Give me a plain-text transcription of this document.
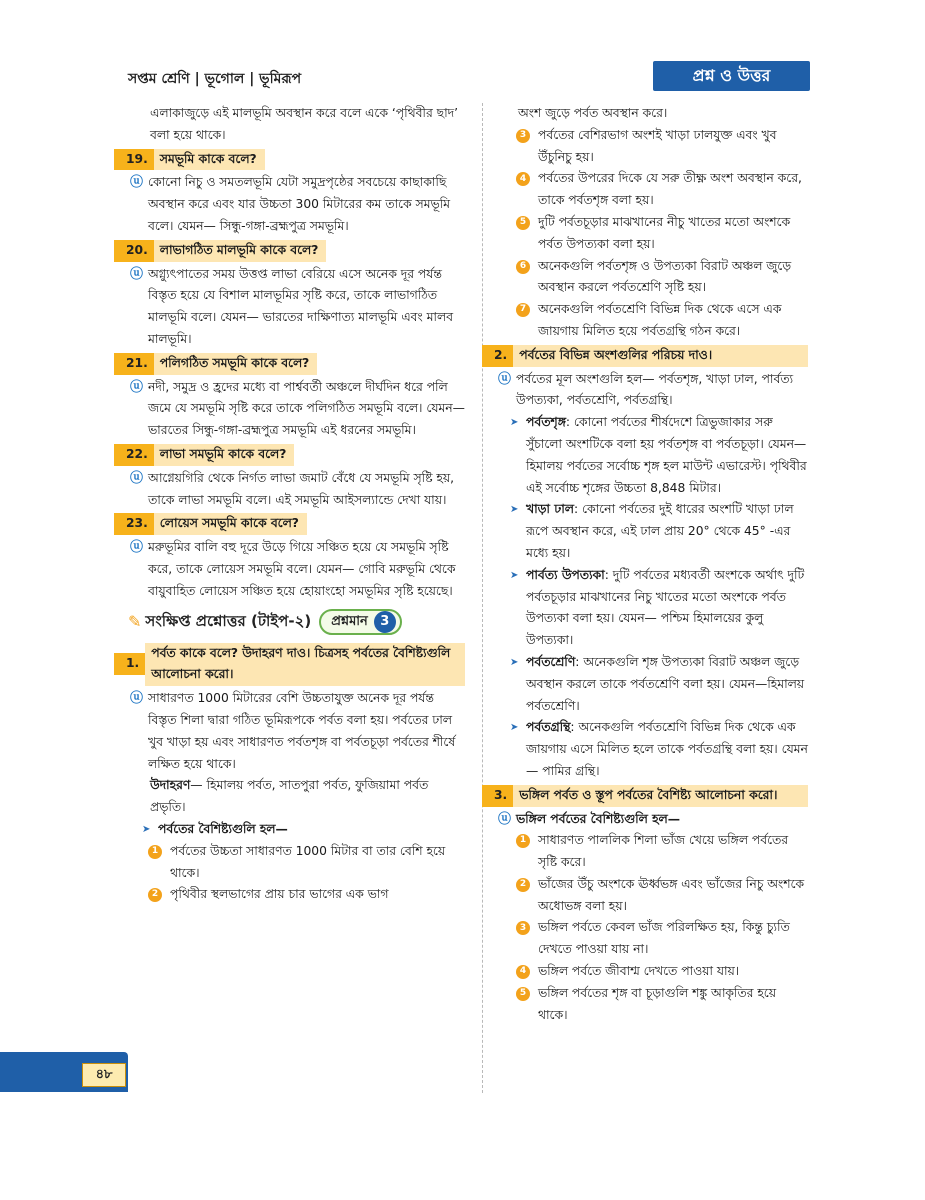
সপ্তম শ্রেণি | ভূগোল | ভূমিরূপ	প্রশ্ন ও উত্তর

এলাকাজুড়ে এই মালভূমি অবস্থান করে বলে একে ‘পৃথিবীর ছাদ’ বলা হয়ে থাকে।

19. সমভূমি কাকে বলে?
ⓤ কোনো নিচু ও সমতলভূমি যেটা সমুদ্রপৃষ্ঠের সবচেয়ে কাছাকাছি অবস্থান করে এবং যার উচ্চতা 300 মিটারের কম তাকে সমভূমি বলে। যেমন— সিন্ধু-গঙ্গা-ব্রহ্মপুত্র সমভূমি।
20. লাভাগঠিত মালভূমি কাকে বলে?
ⓤ অগ্ন্যুৎপাতের সময় উত্তপ্ত লাভা বেরিয়ে এসে অনেক দূর পর্যন্ত বিস্তৃত হয়ে যে বিশাল মালভূমির সৃষ্টি করে, তাকে লাভাগঠিত মালভূমি বলে। যেমন— ভারতের দাক্ষিণাত্য মালভূমি এবং মালব মালভূমি।
21. পলিগঠিত সমভূমি কাকে বলে?
ⓤ নদী, সমুদ্র ও হ্রদের মধ্যে বা পার্শ্ববর্তী অঞ্চলে দীর্ঘদিন ধরে পলি জমে যে সমভূমি সৃষ্টি করে তাকে পলিগঠিত সমভূমি বলে। যেমন— ভারতের সিন্ধু-গঙ্গা-ব্রহ্মপুত্র সমভূমি এই ধরনের সমভূমি।
22. লাভা সমভূমি কাকে বলে?
ⓤ আগ্নেয়গিরি থেকে নির্গত লাভা জমাট বেঁধে যে সমভূমি সৃষ্টি হয়, তাকে লাভা সমভূমি বলে। এই সমভূমি আইসল্যান্ডে দেখা যায়।
23. লোয়েস সমভূমি কাকে বলে?
ⓤ মরুভূমির বালি বহু দূরে উড়ে গিয়ে সঞ্চিত হয়ে যে সমভূমি সৃষ্টি করে, তাকে লোয়েস সমভূমি বলে। যেমন— গোবি মরুভূমি থেকে বায়ুবাহিত লোয়েস সঞ্চিত হয়ে হোয়াংহো সমভূমির সৃষ্টি হয়েছে।
✎ সংক্ষিপ্ত প্রশ্নোত্তর (টাইপ-২) প্রশ্নমান 3
1.
পর্বত কাকে বলে? উদাহরণ দাও। চিত্রসহ পর্বতের বৈশিষ্ট্যগুলি আলোচনা করো।
ⓤ সাধারণত 1000 মিটারের বেশি উচ্চতাযুক্ত অনেক দূর পর্যন্ত বিস্তৃত শিলা দ্বারা গঠিত ভূমিরূপকে পর্বত বলা হয়। পর্বতের ঢাল খুব খাড়া হয় এবং সাধারণত পর্বতশৃঙ্গ বা পর্বতচূড়া পর্বতের শীর্ষে লক্ষিত হয়ে থাকে।

উদাহরণ— হিমালয় পর্বত, সাতপুরা পর্বত, ফুজিয়ামা পর্বত প্রভৃতি।

➤ পর্বতের বৈশিষ্ট্যগুলি হল—
1 পর্বতের উচ্চতা সাধারণত 1000 মিটার বা তার বেশি হয়ে থাকে।
2 পৃথিবীর স্থলভাগের প্রায় চার ভাগের এক ভাগ

অংশ জুড়ে পর্বত অবস্থান করে।

3 পর্বতের বেশিরভাগ অংশই খাড়া ঢালযুক্ত এবং খুব উঁচুনিচু হয়।
4 পর্বতের উপরের দিকে যে সরু তীক্ষ্ণ অংশ অবস্থান করে, তাকে পর্বতশৃঙ্গ বলা হয়।
5 দুটি পর্বতচূড়ার মাঝখানের নীচু খাতের মতো অংশকে পর্বত উপত্যকা বলা হয়।
6 অনেকগুলি পর্বতশৃঙ্গ ও উপত্যকা বিরাট অঞ্চল জুড়ে অবস্থান করলে পর্বতশ্রেণি সৃষ্টি হয়।
7 অনেকগুলি পর্বতশ্রেণি বিভিন্ন দিক থেকে এসে এক জায়গায় মিলিত হয়ে পর্বতগ্রন্থি গঠন করে।
2. পর্বতের বিভিন্ন অংশগুলির পরিচয় দাও।
ⓤ পর্বতের মূল অংশগুলি হল— পর্বতশৃঙ্গ, খাড়া ঢাল, পার্বত্য উপত্যকা, পর্বতশ্রেণি, পর্বতগ্রন্থি।
➤ পর্বতশৃঙ্গ: কোনো পর্বতের শীর্ষদেশে ত্রিভুজাকার সরু সুঁচালো অংশটিকে বলা হয় পর্বতশৃঙ্গ বা পর্বতচূড়া। যেমন— হিমালয় পর্বতের সর্বোচ্চ শৃঙ্গ হল মাউন্ট এভারেস্ট। পৃথিবীর এই সর্বোচ্চ শৃঙ্গের উচ্চতা 8,848 মিটার।
➤ খাড়া ঢাল: কোনো পর্বতের দুই ধারের অংশটি খাড়া ঢাল রূপে অবস্থান করে, এই ঢাল প্রায় 20° থেকে 45° -এর মধ্যে হয়।
➤ পার্বত্য উপত্যকা: দুটি পর্বতের মধ্যবর্তী অংশকে অর্থাৎ দুটি পর্বতচূড়ার মাঝখানের নিচু খাতের মতো অংশকে পর্বত উপত্যকা বলা হয়। যেমন— পশ্চিম হিমালয়ের কুলু উপত্যকা।
➤ পর্বতশ্রেণি: অনেকগুলি শৃঙ্গ উপত্যকা বিরাট অঞ্চল জুড়ে অবস্থান করলে তাকে পর্বতশ্রেণি বলা হয়। যেমন—হিমালয় পর্বতশ্রেণি।
➤ পর্বতগ্রন্থি: অনেকগুলি পর্বতশ্রেণি বিভিন্ন দিক থেকে এক জায়গায় এসে মিলিত হলে তাকে পর্বতগ্রন্থি বলা হয়। যেমন— পামির গ্রন্থি।
3. ভঙ্গিল পর্বত ও স্তূপ পর্বতের বৈশিষ্ট্য আলোচনা করো।
ⓤ ভঙ্গিল পর্বতের বৈশিষ্ট্যগুলি হল—
1 সাধারণত পাললিক শিলা ভাঁজ খেয়ে ভঙ্গিল পর্বতের সৃষ্টি করে।
2 ভাঁজের উঁচু অংশকে ঊর্ধ্বভঙ্গ এবং ভাঁজের নিচু অংশকে অধোভঙ্গ বলা হয়।
3 ভঙ্গিল পর্বতে কেবল ভাঁজ পরিলক্ষিত হয়, কিন্তু চ্যুতি দেখতে পাওয়া যায় না।
4 ভঙ্গিল পর্বতে জীবাশ্ম দেখতে পাওয়া যায়।
5 ভঙ্গিল পর্বতের শৃঙ্গ বা চূড়াগুলি শঙ্কু আকৃতির হয়ে থাকে।
৪৮
